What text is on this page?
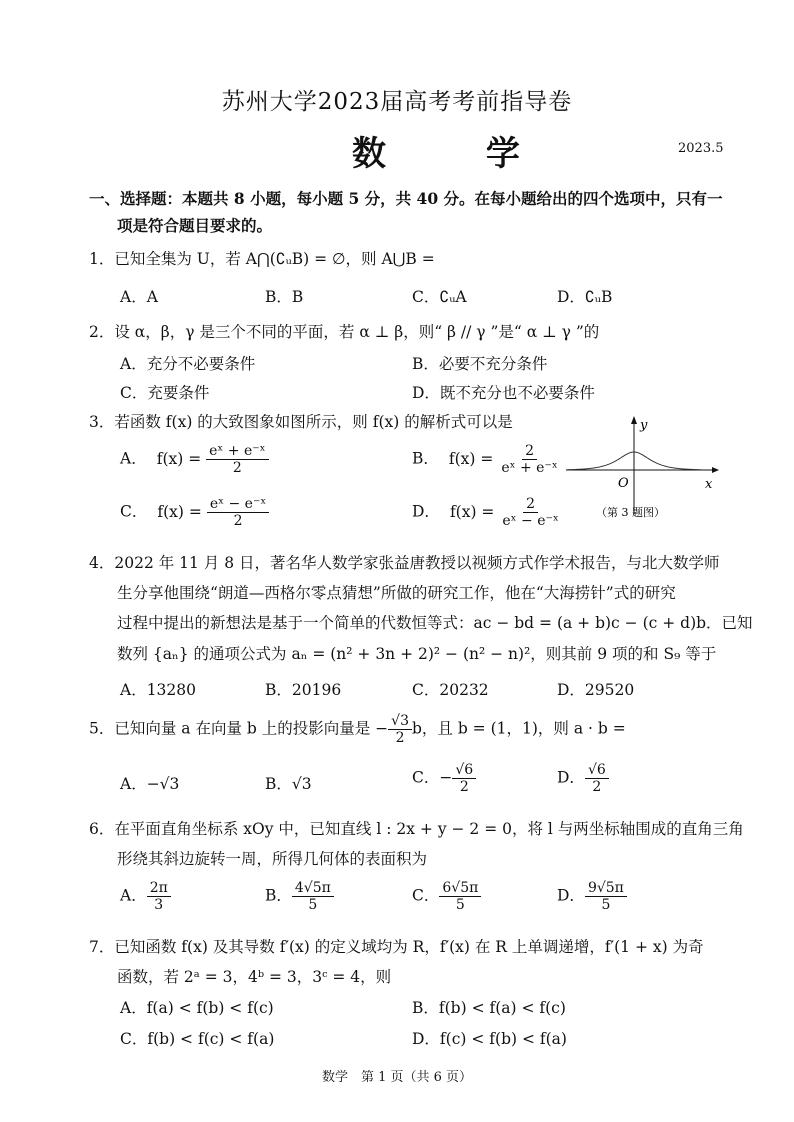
苏州大学2023届高考考前指导卷
数 学	2023.5
一、选择题：本题共 8 小题，每小题 5 分，共 40 分。在每小题给出的四个选项中，只有一
项是符合题目要求的。
1．已知全集为 U，若 A⋂(∁ᵤB) = ∅，则 A⋃B =
A．A	B．B	C．∁ᵤA	D．∁ᵤB
2．设 α，β，γ 是三个不同的平面，若 α ⊥ β，则“ β // γ ”是“ α ⊥ γ ”的
A．充分不必要条件	B．必要不充分条件
C．充要条件	D．既不充分也不必要条件
3．若函数 f(x) 的大致图象如图所示，则 f(x) 的解析式可以是
A． $f(x) = \frac{\text{eˣ + e⁻ˣ}}{2}$	B． $f(x) = \frac{2}{\text{eˣ + e⁻ˣ}}$
C． $f(x) = \frac{\text{eˣ − e⁻ˣ}}{2}$	D． $f(x) = \frac{2}{\text{eˣ − e⁻ˣ}}$
y
x
O
（第 3 题图）
4．2022 年 11 月 8 日，著名华人数学家张益唐教授以视频方式作学术报告，与北大数学师
生分享他围绕“朗道—西格尔零点猜想”所做的研究工作，他在“大海捞针”式的研究
过程中提出的新想法是基于一个简单的代数恒等式：ac − bd = (a + b)c − (c + d)b．已知
数列 {aₙ} 的通项公式为 aₙ = (n² + 3n + 2)² − (n² − n)²，则其前 9 项的和 S₉ 等于
A．13280	B．20196	C．20232	D．29520
5．已知向量 a 在向量 b 上的投影向量是 − $\frac{√3}{2}$ b，且 b = (1，1)，则 a · b =
A．−√3	B．√3	C．− $\frac{√6}{2}$	D． $\frac{√6}{2}$
6．在平面直角坐标系 xOy 中，已知直线 l : 2x + y − 2 = 0，将 l 与两坐标轴围成的直角三角
形绕其斜边旋转一周，所得几何体的表面积为
A． $\frac{2\pi}{3}$	B． $\frac{4√5\pi}{5}$	C． $\frac{6√5\pi}{5}$	D． $\frac{9√5\pi}{5}$
7．已知函数 f(x) 及其导数 f′(x) 的定义域均为 R，f′(x) 在 R 上单调递增，f′(1 + x) 为奇
函数，若 2ᵃ = 3，4ᵇ = 3，3ᶜ = 4，则
A．f(a) < f(b) < f(c)	B．f(b) < f(a) < f(c)
C．f(b) < f(c) < f(a)	D．f(c) < f(b) < f(a)
数学　第 1 页（共 6 页）
